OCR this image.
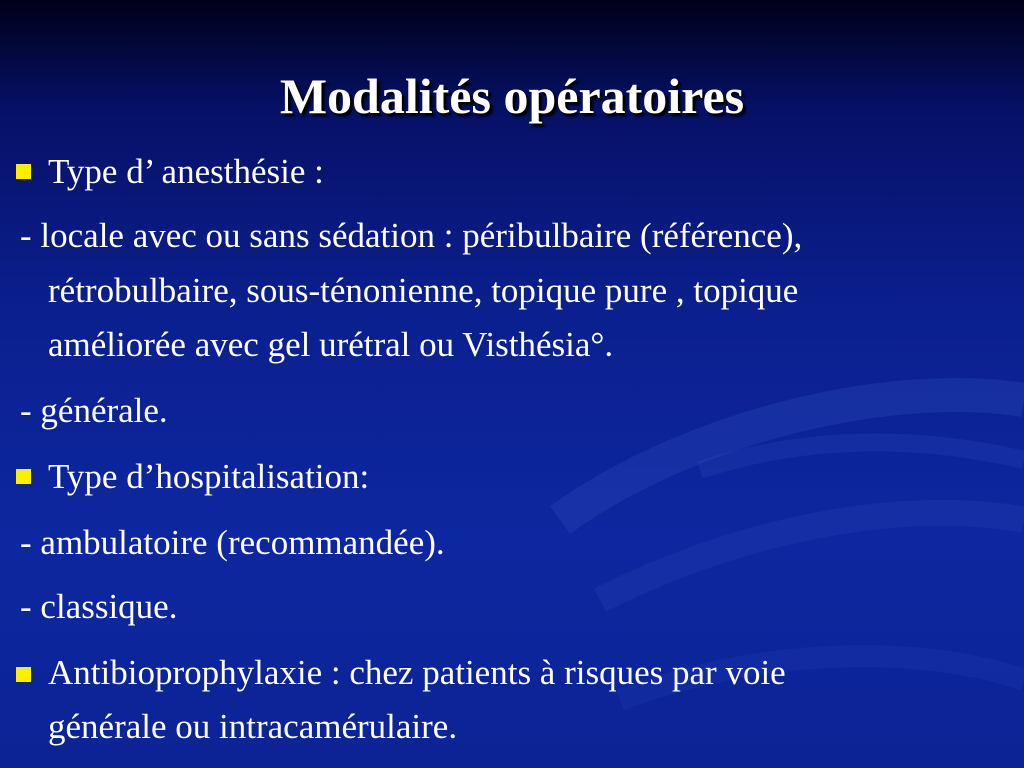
Modalités opératoires
Type d’ anesthésie :
- locale avec ou sans sédation : péribulbaire (référence),
rétrobulbaire, sous-ténonienne, topique pure , topique
améliorée avec gel urétral ou Visthésia°.
- générale.
Type d’hospitalisation:
- ambulatoire (recommandée).
- classique.
Antibioprophylaxie : chez patients à risques par voie
générale ou intracamérulaire.
